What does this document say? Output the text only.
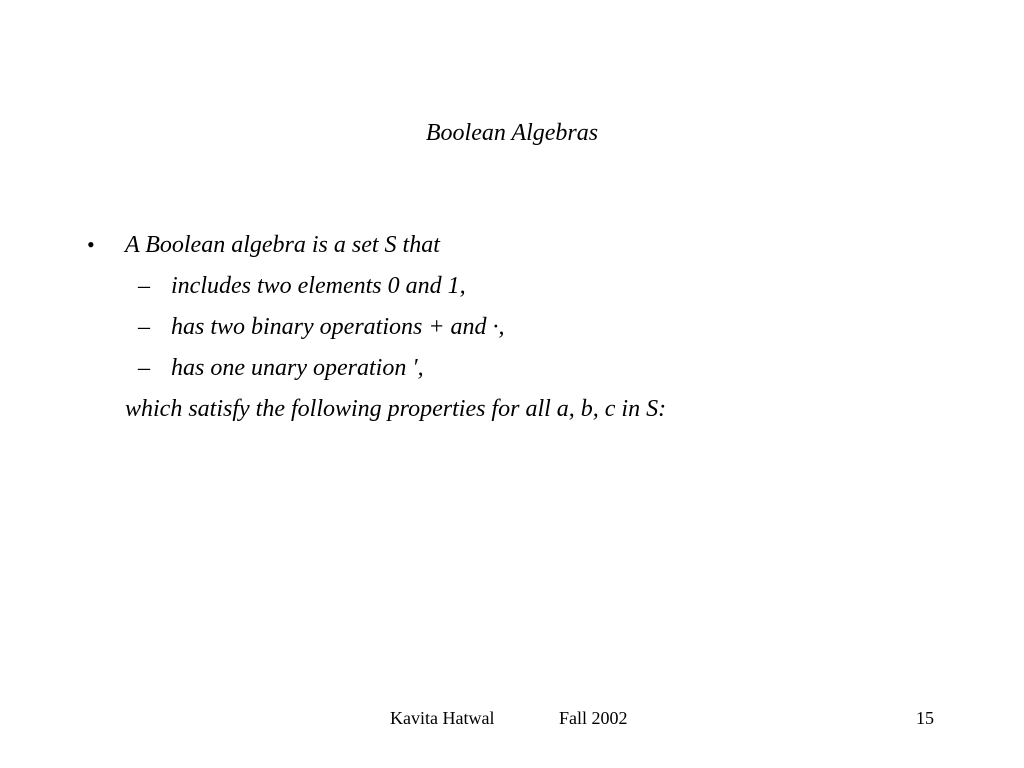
Boolean Algebras
• A Boolean algebra is a set S that
– includes two elements 0 and 1,
– has two binary operations + and ·,
– has one unary operation ′,
which satisfy the following properties for all a, b, c in S:
Kavita Hatwal	Fall 2002	15
